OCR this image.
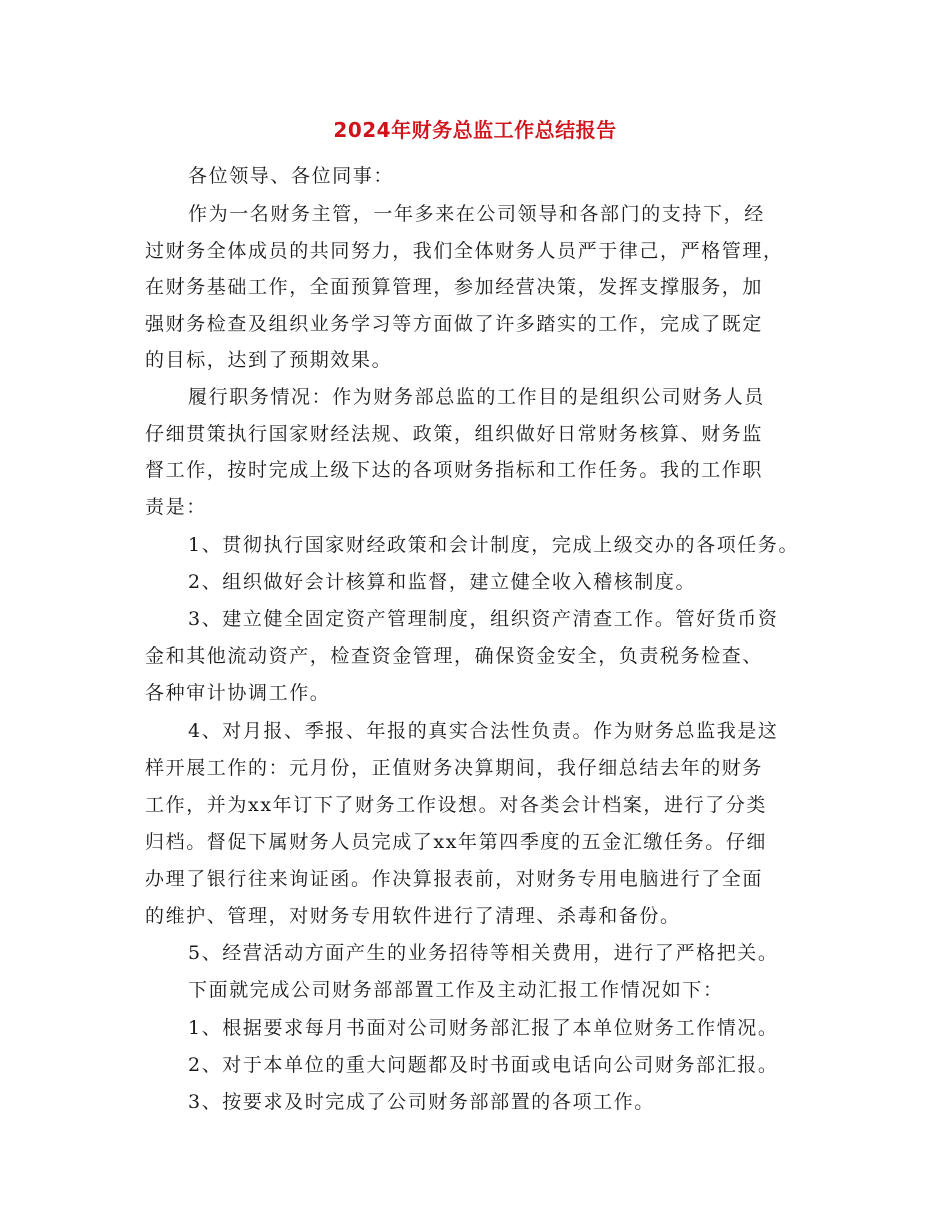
2024年财务总监工作总结报告
各位领导、各位同事：
作为一名财务主管，一年多来在公司领导和各部门的支持下，经
过财务全体成员的共同努力，我们全体财务人员严于律己，严格管理，
在财务基础工作，全面预算管理，参加经营决策，发挥支撑服务，加
强财务检查及组织业务学习等方面做了许多踏实的工作，完成了既定
的目标，达到了预期效果。
履行职务情况：作为财务部总监的工作目的是组织公司财务人员
仔细贯策执行国家财经法规、政策，组织做好日常财务核算、财务监
督工作，按时完成上级下达的各项财务指标和工作任务。我的工作职
责是：
1、贯彻执行国家财经政策和会计制度，完成上级交办的各项任务。
2、组织做好会计核算和监督，建立健全收入稽核制度。
3、建立健全固定资产管理制度，组织资产清查工作。管好货币资
金和其他流动资产，检查资金管理，确保资金安全，负责税务检查、
各种审计协调工作。
4、对月报、季报、年报的真实合法性负责。作为财务总监我是这
样开展工作的：元月份，正值财务决算期间，我仔细总结去年的财务
工作，并为xx年订下了财务工作设想。对各类会计档案，进行了分类
归档。督促下属财务人员完成了xx年第四季度的五金汇缴任务。仔细
办理了银行往来询证函。作决算报表前，对财务专用电脑进行了全面
的维护、管理，对财务专用软件进行了清理、杀毒和备份。
5、经营活动方面产生的业务招待等相关费用，进行了严格把关。
下面就完成公司财务部部置工作及主动汇报工作情况如下：
1、根据要求每月书面对公司财务部汇报了本单位财务工作情况。
2、对于本单位的重大问题都及时书面或电话向公司财务部汇报。
3、按要求及时完成了公司财务部部置的各项工作。
